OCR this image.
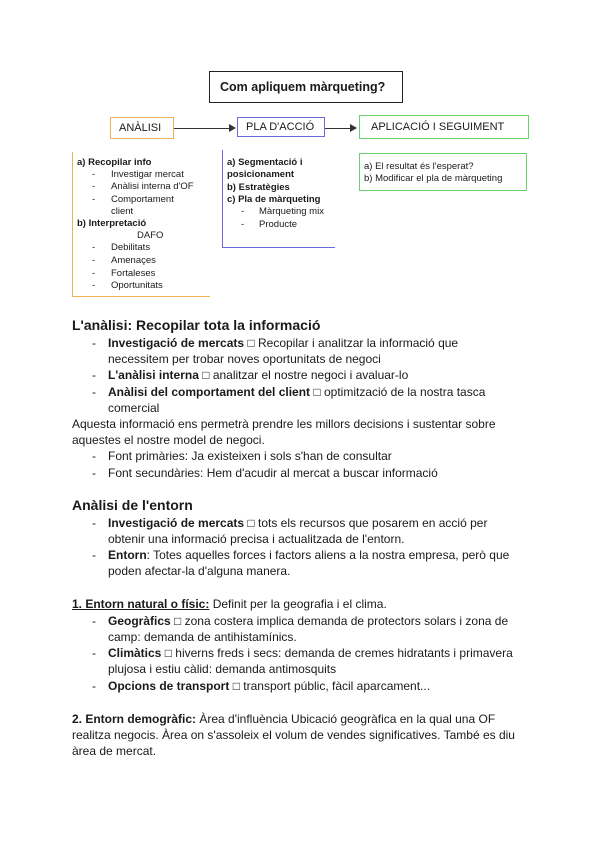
Com apliquem màrqueting?
ANÀLISI	PLA D'ACCIÓ	APLICACIÓ I SEGUIMENT
a) Recopilar info
- Investigar mercat
- Anàlisi interna d'OF
- Comportament
client
b) Interpretació
DAFO
- Debilitats
- Amenaçes
- Fortaleses
- Oportunitats
a) Segmentació i
posicionament
b) Estratègies
c) Pla de màrqueting
- Màrqueting mix
- Producte
a) El resultat és l'esperat?
b) Modificar el pla de màrqueting
L'anàlisi: Recopilar tota la informació
- Investigació de mercats □ Recopilar i analitzar la informació que
necessitem per trobar noves oportunitats de negoci
- L'anàlisi interna □ analitzar el nostre negoci i avaluar-lo
- Anàlisi del comportament del client □ optimització de la nostra tasca
comercial
Aquesta informació ens permetrà prendre les millors decisions i sustentar sobre
aquestes el nostre model de negoci.
- Font primàries: Ja existeixen i sols s'han de consultar
- Font secundàries: Hem d'acudir al mercat a buscar informació
Anàlisi de l'entorn
- Investigació de mercats □ tots els recursos que posarem en acció per
obtenir una informació precisa i actualitzada de l'entorn.
- Entorn: Totes aquelles forces i factors aliens a la nostra empresa, però que
poden afectar-la d'alguna manera.
1. Entorn natural o físic: Definit per la geografia i el clima.
- Geogràfics □ zona costera implica demanda de protectors solars i zona de
camp: demanda de antihistamínics.
- Climàtics □ hiverns freds i secs: demanda de cremes hidratants i primavera
plujosa i estiu càlid: demanda antimosquits
- Opcions de transport □ transport públic, fàcil aparcament...
2. Entorn demogràfic: Àrea d'influència Ubicació geogràfica en la qual una OF
realitza negocis. Àrea on s'assoleix el volum de vendes significatives. També es diu
àrea de mercat.
